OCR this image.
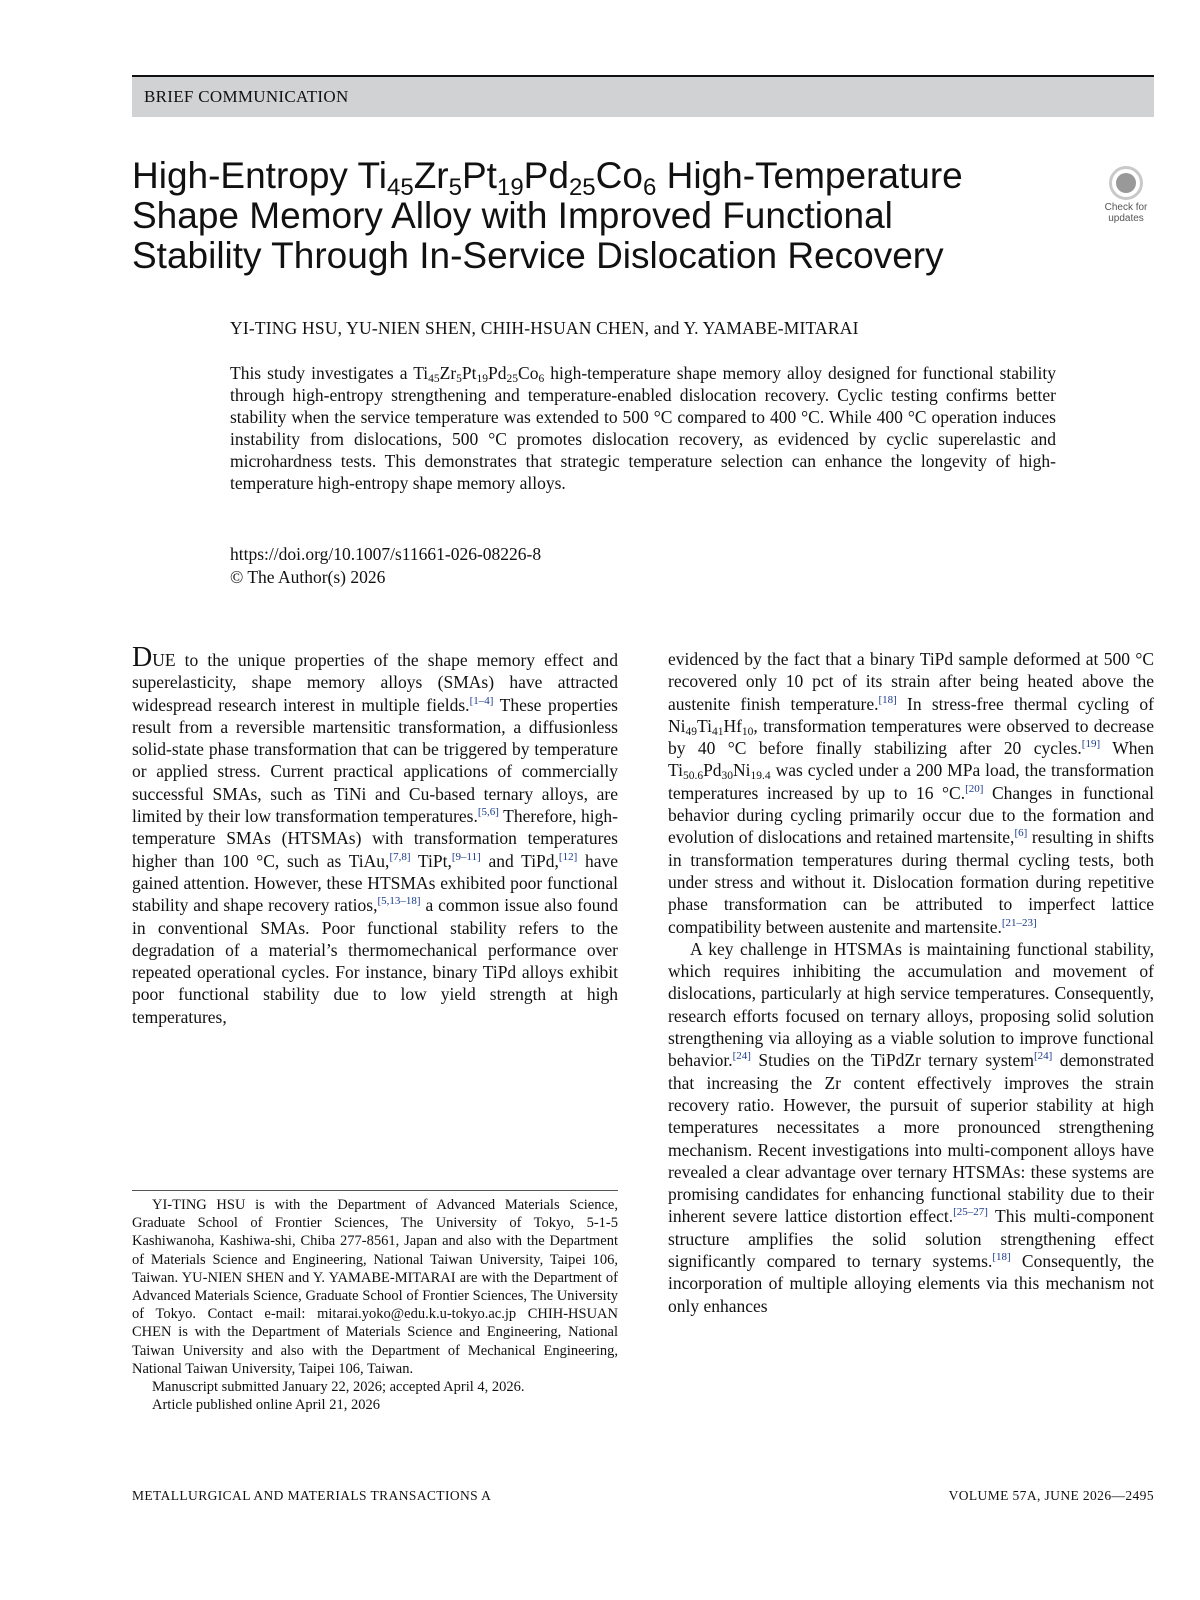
BRIEF COMMUNICATION
High-Entropy $Ti_{45}Zr_5Pt_{19}Pd_{25}Co_6$ High-Temperature
Shape Memory Alloy with Improved Functional
Stability Through In-Service Dislocation Recovery
Check for
updates
YI-TING HSU, YU-NIEN SHEN, CHIH-HSUAN CHEN, and Y. YAMABE-MITARAI
This study investigates a $Ti_{45}Zr_5Pt_{19}Pd_{25}Co_6$ high-temperature shape memory alloy designed for functional stability through high-entropy strengthening and temperature-enabled dislocation recovery. Cyclic testing confirms better stability when the service temperature was extended to 500 °C compared to 400 °C. While 400 °C operation induces instability from dislocations, 500 °C promotes dislocation recovery, as evidenced by cyclic superelastic and microhardness tests. This demonstrates that strategic temperature selection can enhance the longevity of high-temperature high-entropy shape memory alloys.
https://doi.org/10.1007/s11661-026-08226-8
© The Author(s) 2026

DUE to the unique properties of the shape memory effect and superelasticity, shape memory alloys (SMAs) have attracted widespread research interest in multiple fields.[1–4] These properties result from a reversible martensitic transformation, a diffusionless solid-state phase transformation that can be triggered by temperature or applied stress. Current practical applications of commercially successful SMAs, such as TiNi and Cu-based ternary alloys, are limited by their low transformation temperatures.[5,6] Therefore, high-temperature SMAs (HTSMAs) with transformation temperatures higher than 100 °C, such as TiAu,[7,8] TiPt,[9–11] and TiPd,[12] have gained attention. However, these HTSMAs exhibited poor functional stability and shape recovery ratios,[5,13–18] a common issue also found in conventional SMAs. Poor functional stability refers to the degradation of a material’s thermomechanical performance over repeated operational cycles. For instance, binary TiPd alloys exhibit poor functional stability due to low yield strength at high temperatures,

YI-TING HSU is with the Department of Advanced Materials Science, Graduate School of Frontier Sciences, The University of Tokyo, 5-1-5 Kashiwanoha, Kashiwa-shi, Chiba 277-8561, Japan and also with the Department of Materials Science and Engineering, National Taiwan University, Taipei 106, Taiwan. YU-NIEN SHEN and Y. YAMABE-MITARAI are with the Department of Advanced Materials Science, Graduate School of Frontier Sciences, The University of Tokyo. Contact e-mail: mitarai.yoko@edu.k.u-tokyo.ac.jp CHIH-HSUAN CHEN is with the Department of Materials Science and Engineering, National Taiwan University and also with the Department of Mechanical Engineering, National Taiwan University, Taipei 106, Taiwan.

Manuscript submitted January 22, 2026; accepted April 4, 2026.

Article published online April 21, 2026

evidenced by the fact that a binary TiPd sample deformed at 500 °C recovered only 10 pct of its strain after being heated above the austenite finish temperature.[18] In stress-free thermal cycling of $Ni_{49}Ti_{41}Hf_{10}$, transformation temperatures were observed to decrease by 40 °C before finally stabilizing after 20 cycles.[19] When $Ti_{50.6}Pd_{30}Ni_{19.4}$ was cycled under a 200 MPa load, the transformation temperatures increased by up to 16 °C.[20] Changes in functional behavior during cycling primarily occur due to the formation and evolution of dislocations and retained martensite,[6] resulting in shifts in transformation temperatures during thermal cycling tests, both under stress and without it. Dislocation formation during repetitive phase transformation can be attributed to imperfect lattice compatibility between austenite and martensite.[21–23]

A key challenge in HTSMAs is maintaining functional stability, which requires inhibiting the accumulation and movement of dislocations, particularly at high service temperatures. Consequently, research efforts focused on ternary alloys, proposing solid solution strengthening via alloying as a viable solution to improve functional behavior.[24] Studies on the TiPdZr ternary system[24] demonstrated that increasing the Zr content effectively improves the strain recovery ratio. However, the pursuit of superior stability at high temperatures necessitates a more pronounced strengthening mechanism. Recent investigations into multi-component alloys have revealed a clear advantage over ternary HTSMAs: these systems are promising candidates for enhancing functional stability due to their inherent severe lattice distortion effect.[25–27] This multi-component structure amplifies the solid solution strengthening effect significantly compared to ternary systems.[18] Consequently, the incorporation of multiple alloying elements via this mechanism not only enhances

METALLURGICAL AND MATERIALS TRANSACTIONS A	VOLUME 57A, JUNE 2026—2495
